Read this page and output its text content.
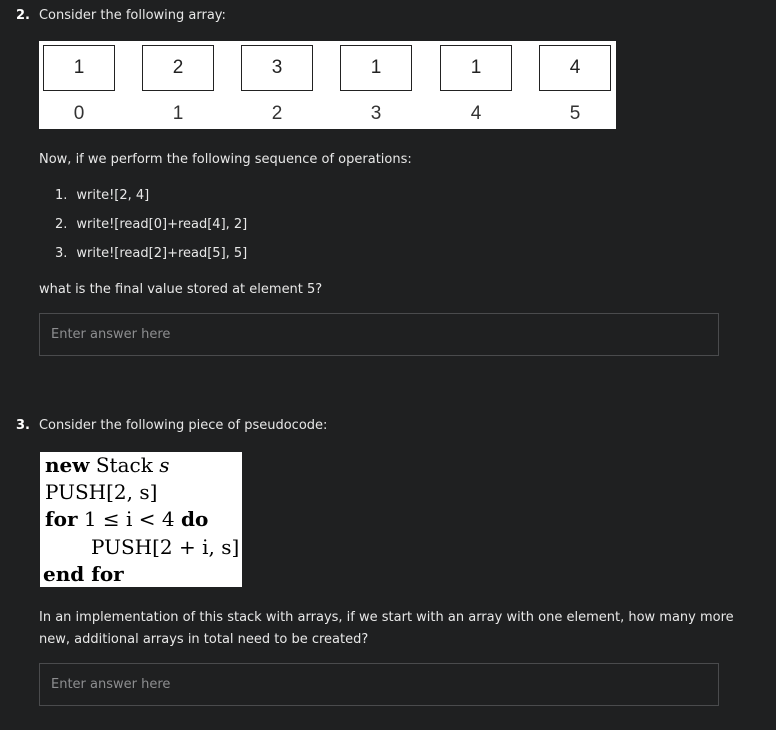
2. Consider the following array:
1	2	3	1	1	4
0	1	2	3	4	5
Now, if we perform the following sequence of operations:
1. write![2, 4]
2. write![read[0]+read[4], 2]
3. write![read[2]+read[5], 5]
what is the final value stored at element 5?
Enter answer here
3. Consider the following piece of pseudocode:
new Stack s
PUSH[2, s]
for 1 ≤ i < 4 do
PUSH[2 + i, s]
end for
In an implementation of this stack with arrays, if we start with an array with one element, how many more new, additional arrays in total need to be created?
Enter answer here
